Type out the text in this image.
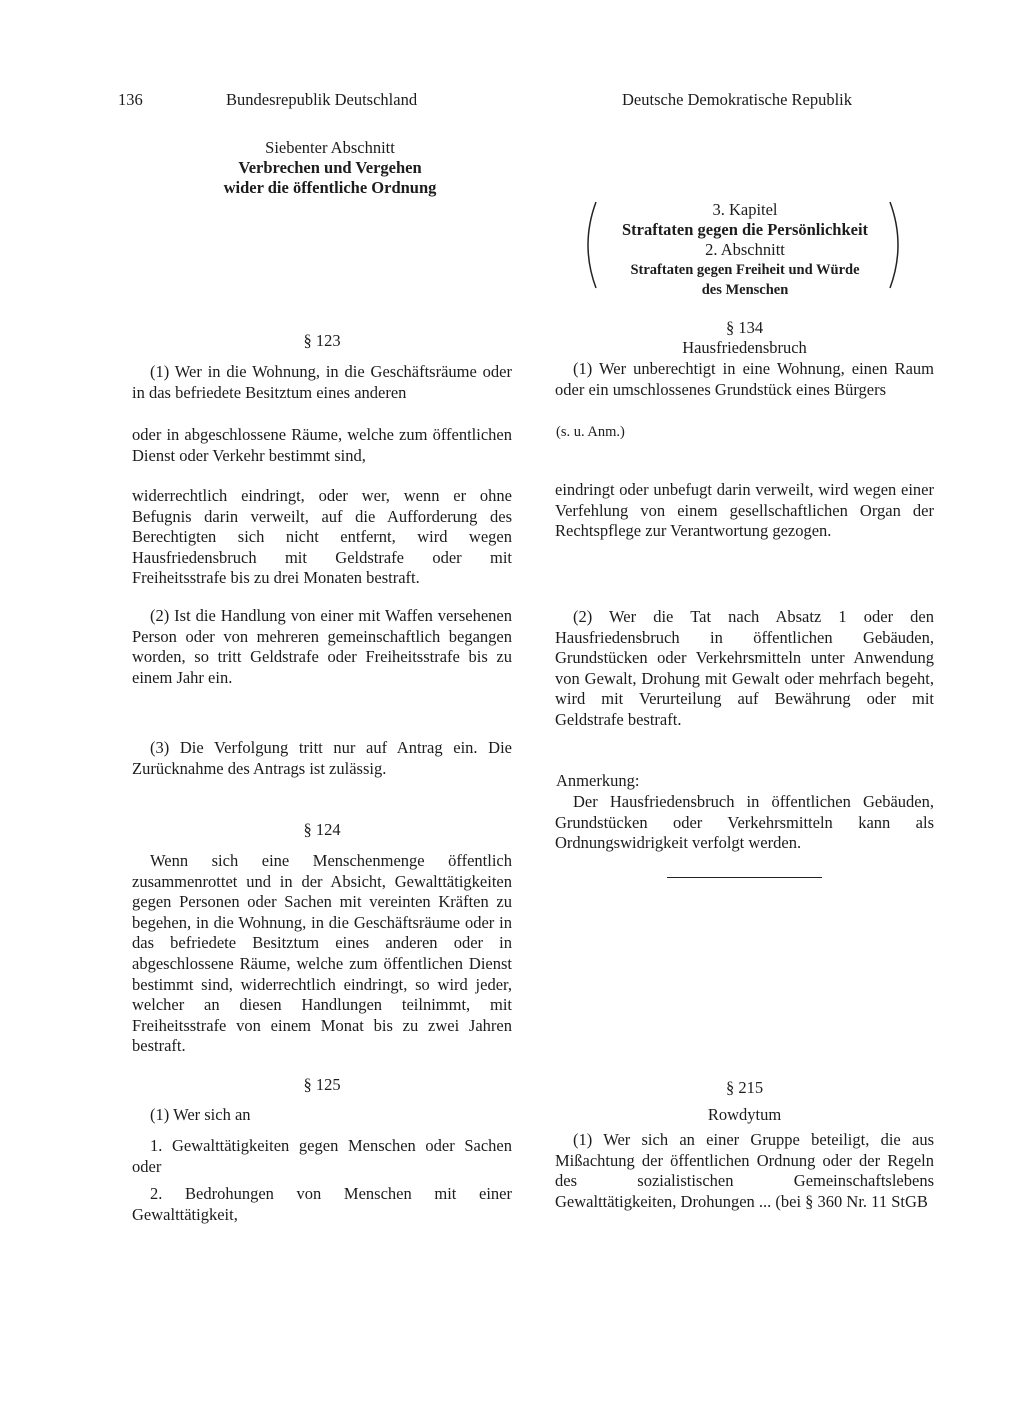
136	Bundesrepublik Deutschland	Deutsche Demokratische Republik
Siebenter Abschnitt
Verbrechen und Vergehen
wider die öffentliche Ordnung
§ 123

(1) Wer in die Wohnung, in die Geschäftsräume oder in das befriedete Besitztum eines anderen

oder in abgeschlossene Räume, welche zum öffentlichen Dienst oder Verkehr bestimmt sind,

widerrechtlich eindringt, oder wer, wenn er ohne Befugnis darin verweilt, auf die Aufforderung des Berechtigten sich nicht entfernt, wird wegen Hausfriedensbruch mit Geldstrafe oder mit Freiheitsstrafe bis zu drei Monaten bestraft.

(2) Ist die Handlung von einer mit Waffen versehenen Person oder von mehreren gemeinschaftlich begangen worden, so tritt Geldstrafe oder Freiheitsstrafe bis zu einem Jahr ein.

(3) Die Verfolgung tritt nur auf Antrag ein. Die Zurücknahme des Antrags ist zulässig.

§ 124

Wenn sich eine Menschenmenge öffentlich zusammenrottet und in der Absicht, Gewalttätigkeiten gegen Personen oder Sachen mit vereinten Kräften zu begehen, in die Wohnung, in die Geschäftsräume oder in das befriedete Besitztum eines anderen oder in abgeschlossene Räume, welche zum öffentlichen Dienst bestimmt sind, widerrechtlich eindringt, so wird jeder, welcher an diesen Handlungen teilnimmt, mit Freiheitsstrafe von einem Monat bis zu zwei Jahren bestraft.

§ 125

(1) Wer sich an

1. Gewalttätigkeiten gegen Menschen oder Sachen oder

2. Bedrohungen von Menschen mit einer Gewalttätigkeit,

3. Kapitel
Straftaten gegen die Persönlichkeit
2. Abschnitt
Straftaten gegen Freiheit und Würde
des Menschen
§ 134
Hausfriedensbruch

(1) Wer unberechtigt in eine Wohnung, einen Raum oder ein umschlossenes Grundstück eines Bürgers

(s. u. Anm.)

eindringt oder unbefugt darin verweilt, wird wegen einer Verfehlung von einem gesellschaftlichen Organ der Rechtspflege zur Verantwortung gezogen.

(2) Wer die Tat nach Absatz 1 oder den Hausfriedensbruch in öffentlichen Gebäuden, Grundstücken oder Verkehrsmitteln unter Anwendung von Gewalt, Drohung mit Gewalt oder mehrfach begeht, wird mit Verurteilung auf Bewährung oder mit Geldstrafe bestraft.

Anmerkung:

Der Hausfriedensbruch in öffentlichen Gebäuden, Grundstücken oder Verkehrsmitteln kann als Ordnungswidrigkeit verfolgt werden.

§ 215
Rowdytum

(1) Wer sich an einer Gruppe beteiligt, die aus Mißachtung der öffentlichen Ordnung oder der Regeln des sozialistischen Gemeinschaftslebens Gewalttätigkeiten, Drohungen ... (bei § 360 Nr. 11 StGB
